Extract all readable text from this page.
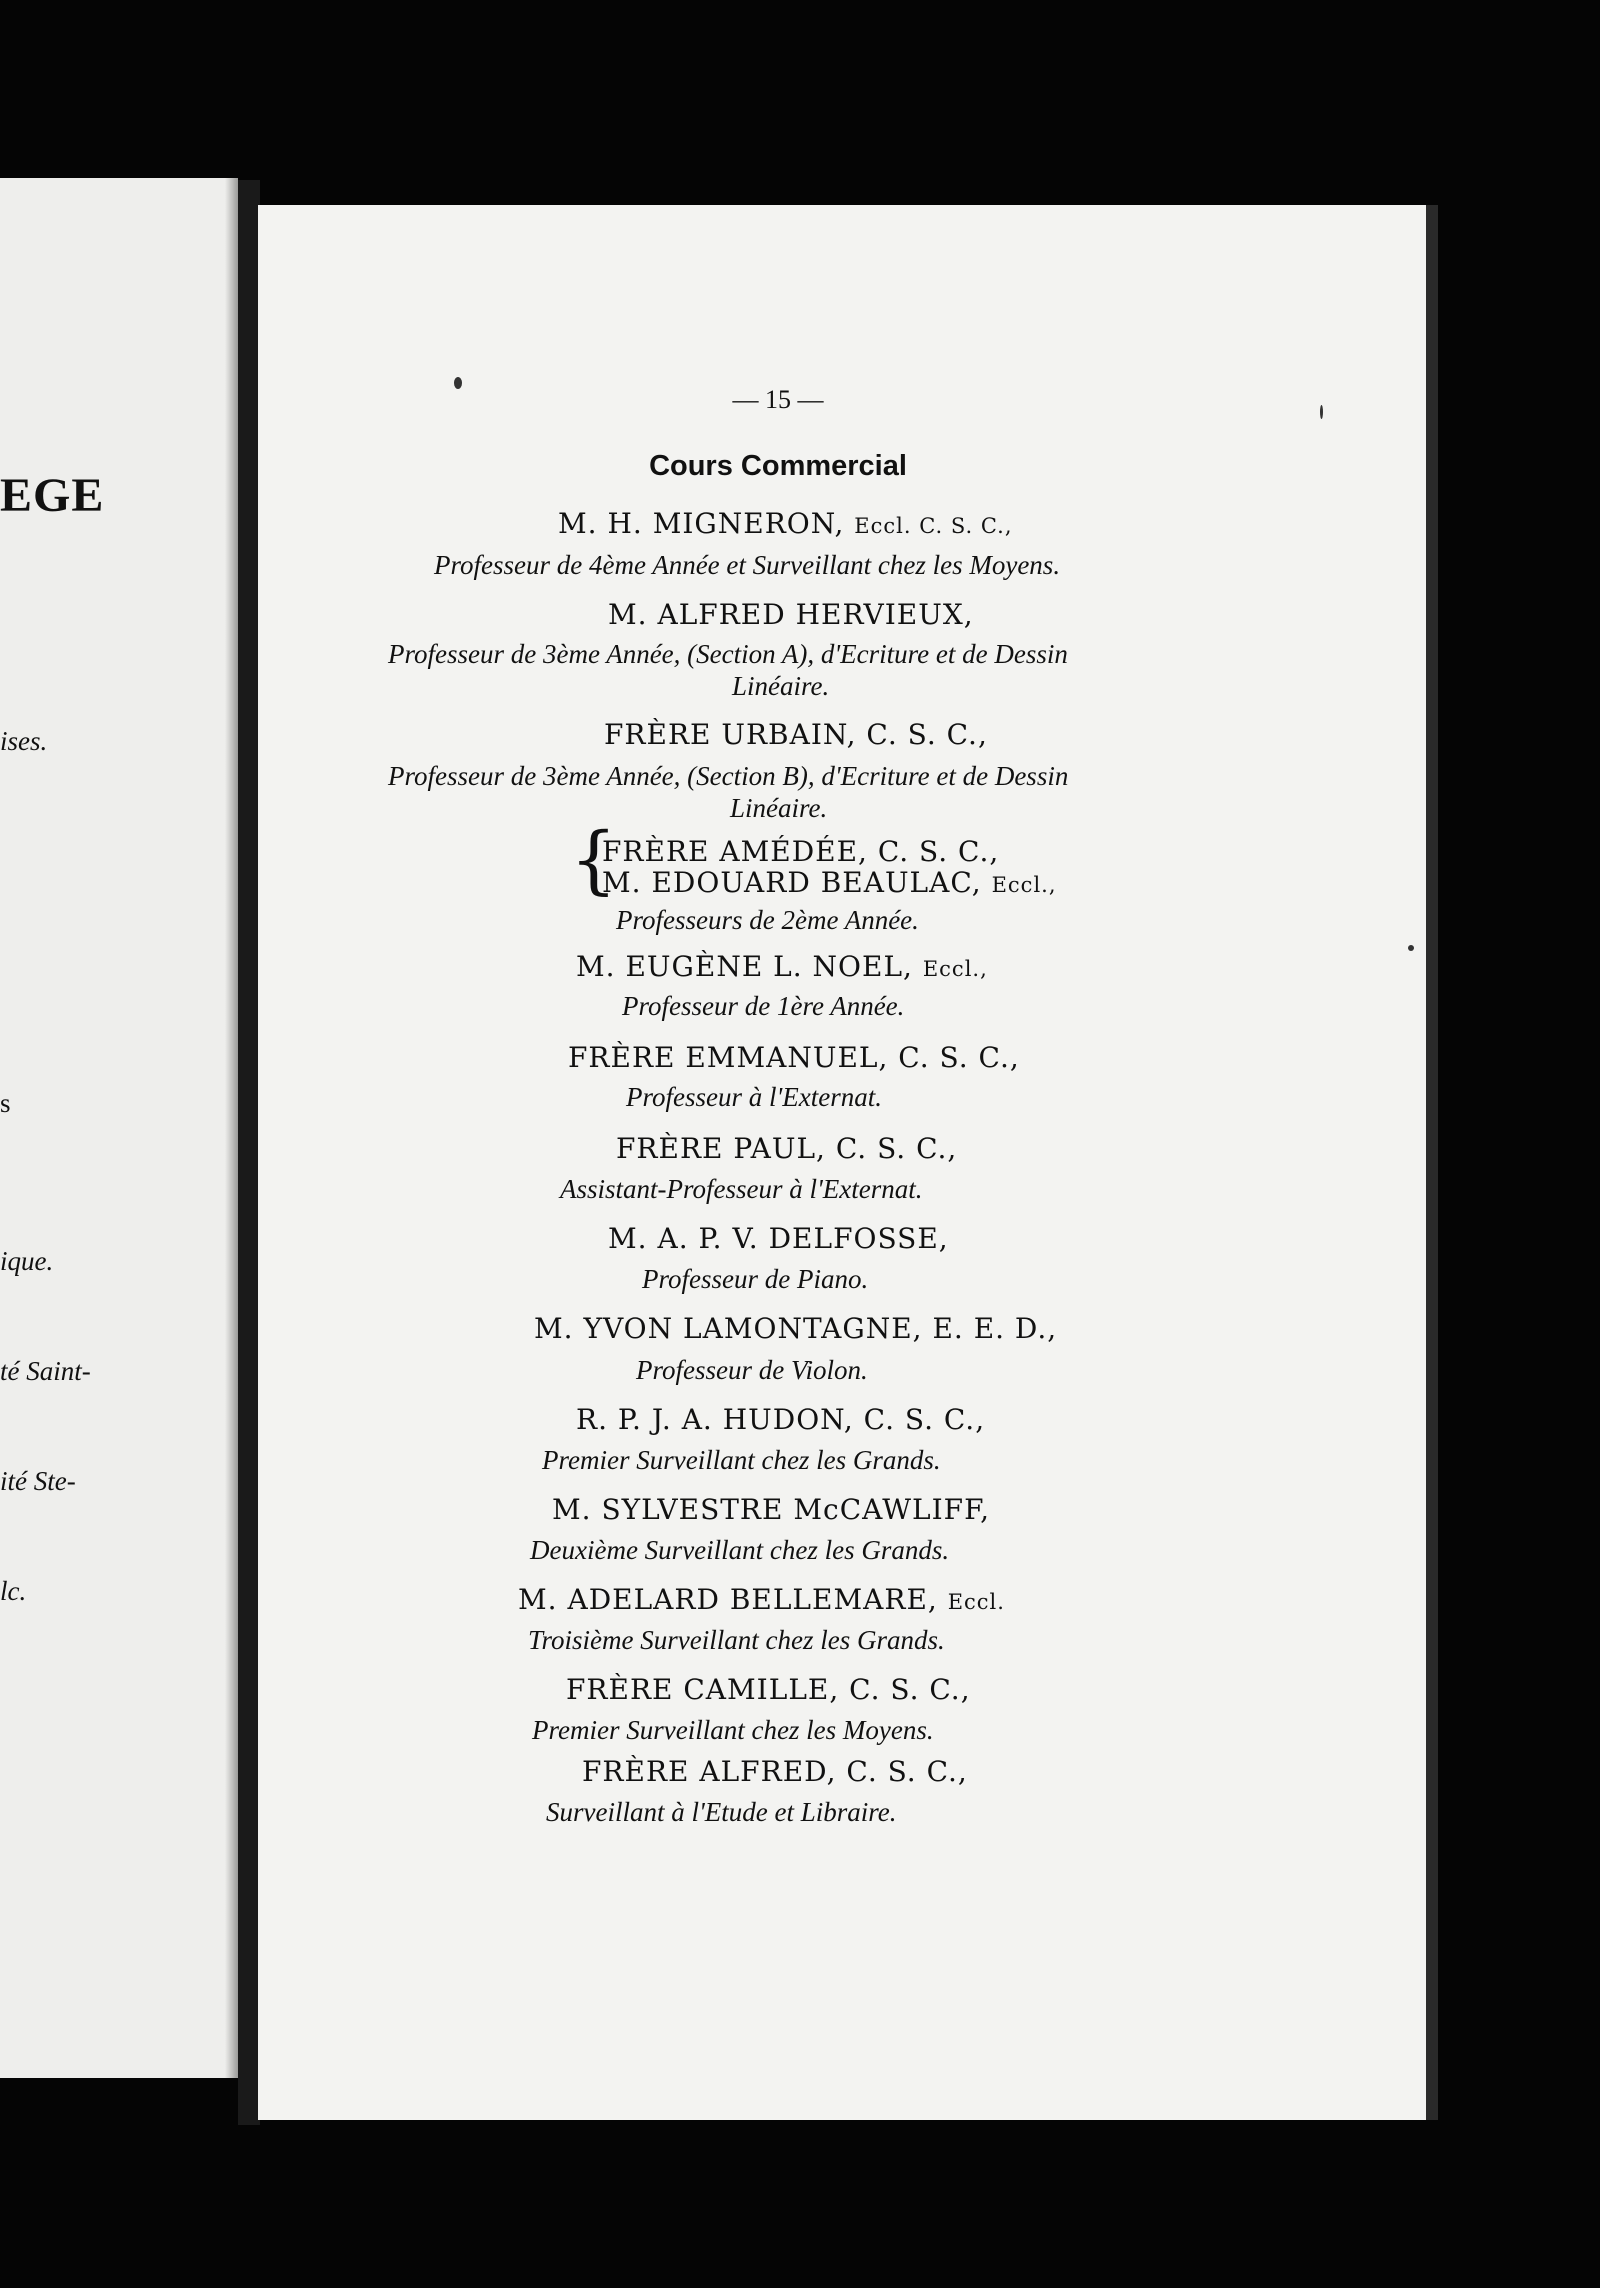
EGE
ises.
s
ique.
té Saint-
ité Ste-
lc.
— 15 —
Cours Commercial
M. H. MIGNERON, Eccl. C. S. C.,
Professeur de 4ème Année et Surveillant chez les Moyens.
M. ALFRED HERVIEUX,
Professeur de 3ème Année, (Section A), d'Ecriture et de Dessin
Linéaire.
FRÈRE URBAIN, C. S. C.,
Professeur de 3ème Année, (Section B), d'Ecriture et de Dessin
Linéaire.
{
FRÈRE AMÉDÉE, C. S. C.,
M. EDOUARD BEAULAC, Eccl.,
Professeurs de 2ème Année.
M. EUGÈNE L. NOEL, Eccl.,
Professeur de 1ère Année.
FRÈRE EMMANUEL, C. S. C.,
Professeur à l'Externat.
FRÈRE PAUL, C. S. C.,
Assistant-Professeur à l'Externat.
M. A. P. V. DELFOSSE,
Professeur de Piano.
M. YVON LAMONTAGNE, E. E. D.,
Professeur de Violon.
R. P. J. A. HUDON, C. S. C.,
Premier Surveillant chez les Grands.
M. SYLVESTRE McCAWLIFF,
Deuxième Surveillant chez les Grands.
M. ADELARD BELLEMARE, Eccl.
Troisième Surveillant chez les Grands.
FRÈRE CAMILLE, C. S. C.,
Premier Surveillant chez les Moyens.
FRÈRE ALFRED, C. S. C.,
Surveillant à l'Etude et Libraire.
